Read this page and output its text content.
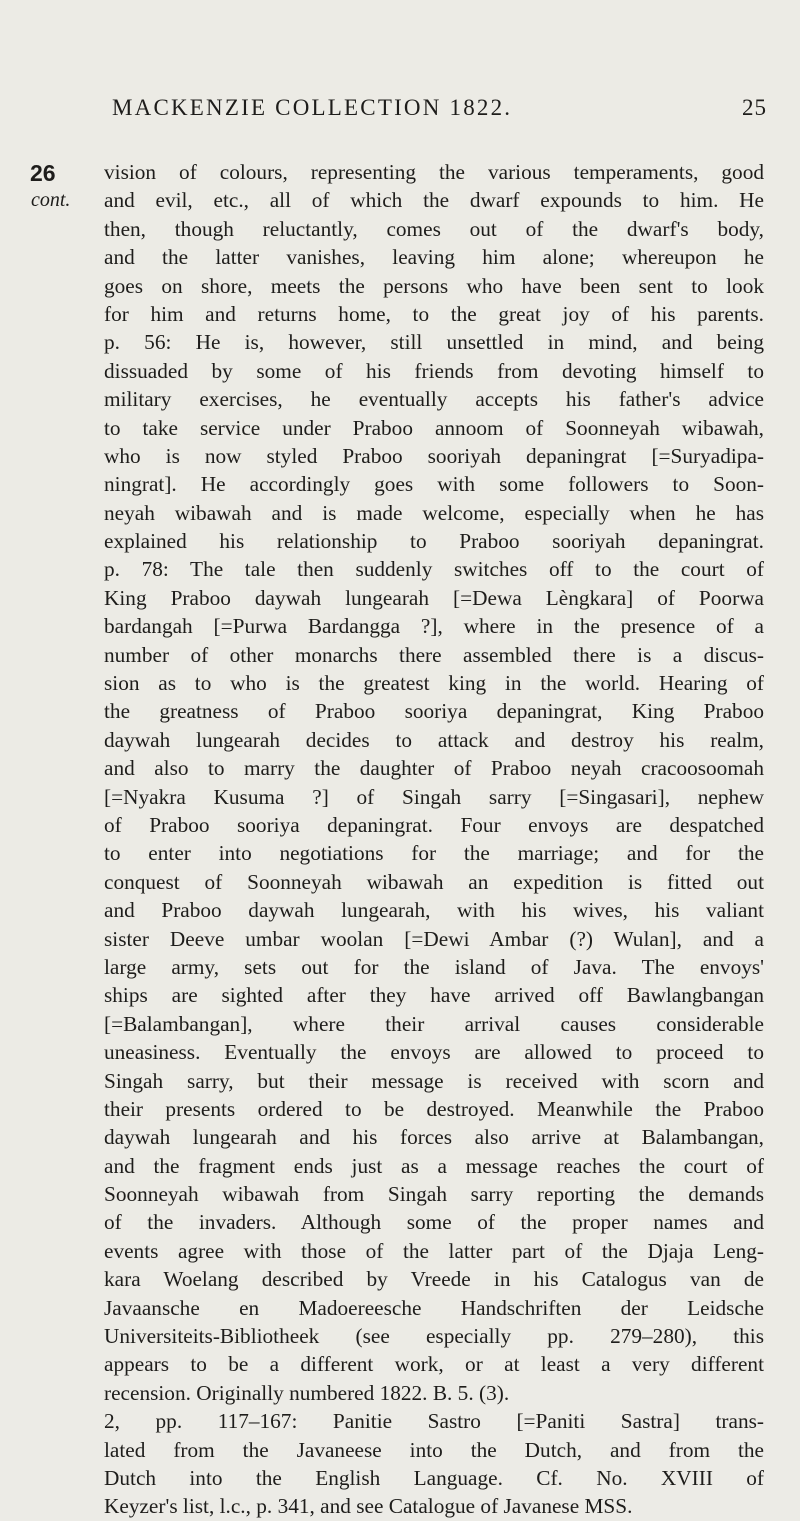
MACKENZIE COLLECTION 1822.	25
26
cont.
vision of colours, representing the various temperaments, good
and evil, etc., all of which the dwarf expounds to him. He
then, though reluctantly, comes out of the dwarf's body,
and the latter vanishes, leaving him alone; whereupon he
goes on shore, meets the persons who have been sent to look
for him and returns home, to the great joy of his parents.
p. 56: He is, however, still unsettled in mind, and being
dissuaded by some of his friends from devoting himself to
military exercises, he eventually accepts his father's advice
to take service under Praboo annoom of Soonneyah wibawah,
who is now styled Praboo sooriyah depaningrat [=Suryadipa-
ningrat]. He accordingly goes with some followers to Soon-
neyah wibawah and is made welcome, especially when he has
explained his relationship to Praboo sooriyah depaningrat.
p. 78: The tale then suddenly switches off to the court of
King Praboo daywah lungearah [=Dewa Lèngkara] of Poorwa
bardangah [=Purwa Bardangga ?], where in the presence of a
number of other monarchs there assembled there is a discus-
sion as to who is the greatest king in the world. Hearing of
the greatness of Praboo sooriya depaningrat, King Praboo
daywah lungearah decides to attack and destroy his realm,
and also to marry the daughter of Praboo neyah cracoosoomah
[=Nyakra Kusuma ?] of Singah sarry [=Singasari], nephew
of Praboo sooriya depaningrat. Four envoys are despatched
to enter into negotiations for the marriage; and for the
conquest of Soonneyah wibawah an expedition is fitted out
and Praboo daywah lungearah, with his wives, his valiant
sister Deeve umbar woolan [=Dewi Ambar (?) Wulan], and a
large army, sets out for the island of Java. The envoys'
ships are sighted after they have arrived off Bawlangbangan
[=Balambangan], where their arrival causes considerable
uneasiness. Eventually the envoys are allowed to proceed to
Singah sarry, but their message is received with scorn and
their presents ordered to be destroyed. Meanwhile the Praboo
daywah lungearah and his forces also arrive at Balambangan,
and the fragment ends just as a message reaches the court of
Soonneyah wibawah from Singah sarry reporting the demands
of the invaders. Although some of the proper names and
events agree with those of the latter part of the Djaja Leng-
kara Woelang described by Vreede in his Catalogus van de
Javaansche en Madoereesche Handschriften der Leidsche
Universiteits-Bibliotheek (see especially pp. 279–280), this
appears to be a different work, or at least a very different
recension. Originally numbered 1822. B. 5. (3).
2, pp. 117–167: Panitie Sastro [=Paniti Sastra] trans-
lated from the Javaneese into the Dutch, and from the
Dutch into the English Language. Cf. No. XVIII of
Keyzer's list, l.c., p. 341, and see Catalogue of Javanese MSS.
